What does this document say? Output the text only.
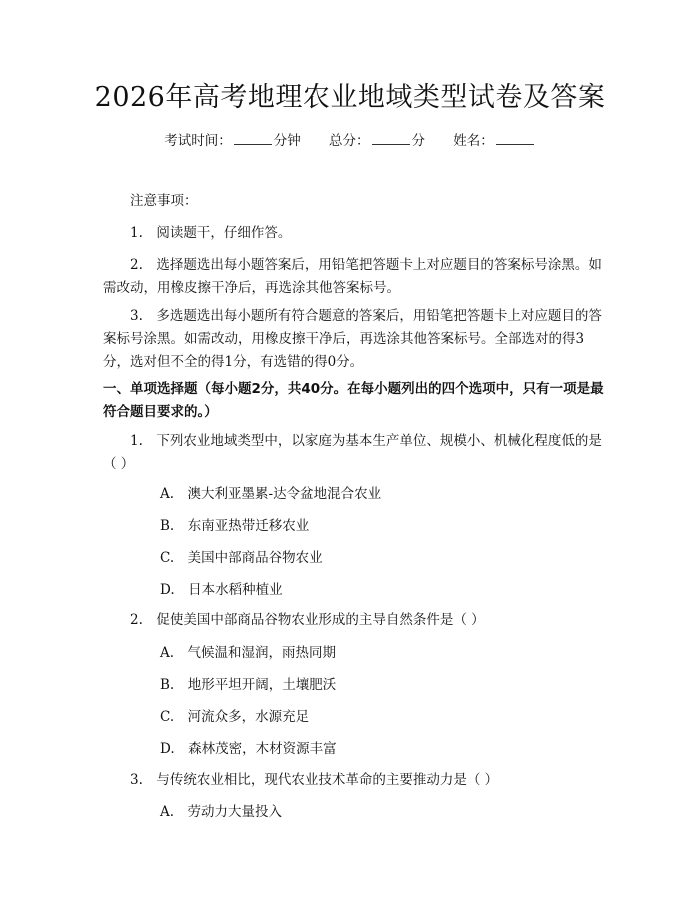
2026年高考地理农业地域类型试卷及答案
考试时间：	分钟 总分：	分 姓名：
注意事项：
1.　阅读题干，仔细作答。
2.　选择题选出每小题答案后，用铅笔把答题卡上对应题目的答案标号涂黑。如需改动，用橡皮擦干净后，再选涂其他答案标号。
3.　多选题选出每小题所有符合题意的答案后，用铅笔把答题卡上对应题目的答案标号涂黑。如需改动，用橡皮擦干净后，再选涂其他答案标号。全部选对的得3分，选对但不全的得1分，有选错的得0分。
一、单项选择题（每小题2分，共40分。在每小题列出的四个选项中，只有一项是最符合题目要求的。）
1.　下列农业地域类型中，以家庭为基本生产单位、规模小、机械化程度低的是（ ）
A.　澳大利亚墨累-达令盆地混合农业
B.　东南亚热带迁移农业
C.　美国中部商品谷物农业
D.　日本水稻种植业
2.　促使美国中部商品谷物农业形成的主导自然条件是（ ）
A.　气候温和湿润，雨热同期
B.　地形平坦开阔，土壤肥沃
C.　河流众多，水源充足
D.　森林茂密，木材资源丰富
3.　与传统农业相比，现代农业技术革命的主要推动力是（ ）
A.　劳动力大量投入
